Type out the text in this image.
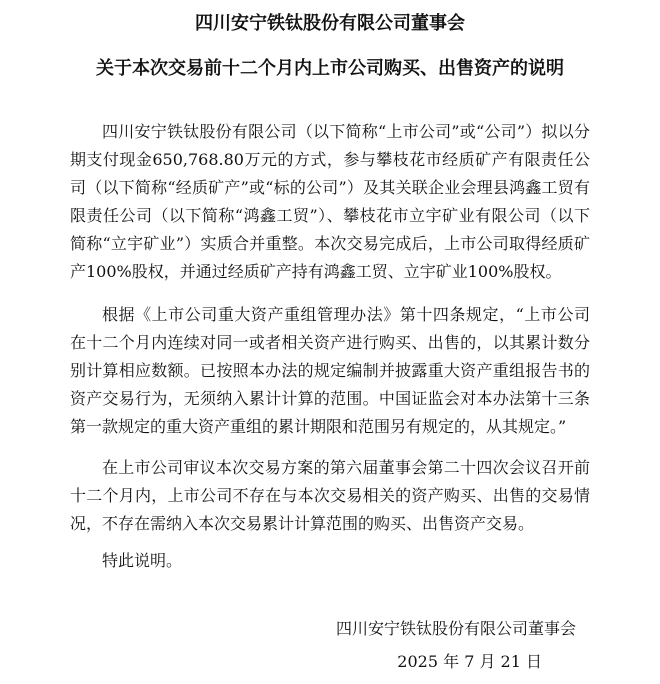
四川安宁铁钛股份有限公司董事会
关于本次交易前十二个月内上市公司购买、出售资产的说明

四川安宁铁钛股份有限公司（以下简称“上市公司”或“公司”）拟以分期支付现金650,768.80万元的方式，参与攀枝花市经质矿产有限责任公司（以下简称“经质矿产”或“标的公司”）及其关联企业会理县鸿鑫工贸有限责任公司（以下简称“鸿鑫工贸”）、攀枝花市立宇矿业有限公司（以下简称“立宇矿业”）实质合并重整。本次交易完成后，上市公司取得经质矿产100%股权，并通过经质矿产持有鸿鑫工贸、立宇矿业100%股权。

根据《上市公司重大资产重组管理办法》第十四条规定，“上市公司在十二个月内连续对同一或者相关资产进行购买、出售的，以其累计数分别计算相应数额。已按照本办法的规定编制并披露重大资产重组报告书的资产交易行为，无须纳入累计计算的范围。中国证监会对本办法第十三条第一款规定的重大资产重组的累计期限和范围另有规定的，从其规定。”

在上市公司审议本次交易方案的第六届董事会第二十四次会议召开前十二个月内，上市公司不存在与本次交易相关的资产购买、出售的交易情况，不存在需纳入本次交易累计计算范围的购买、出售资产交易。

特此说明。

四川安宁铁钛股份有限公司董事会
2025 年 7 月 21 日
